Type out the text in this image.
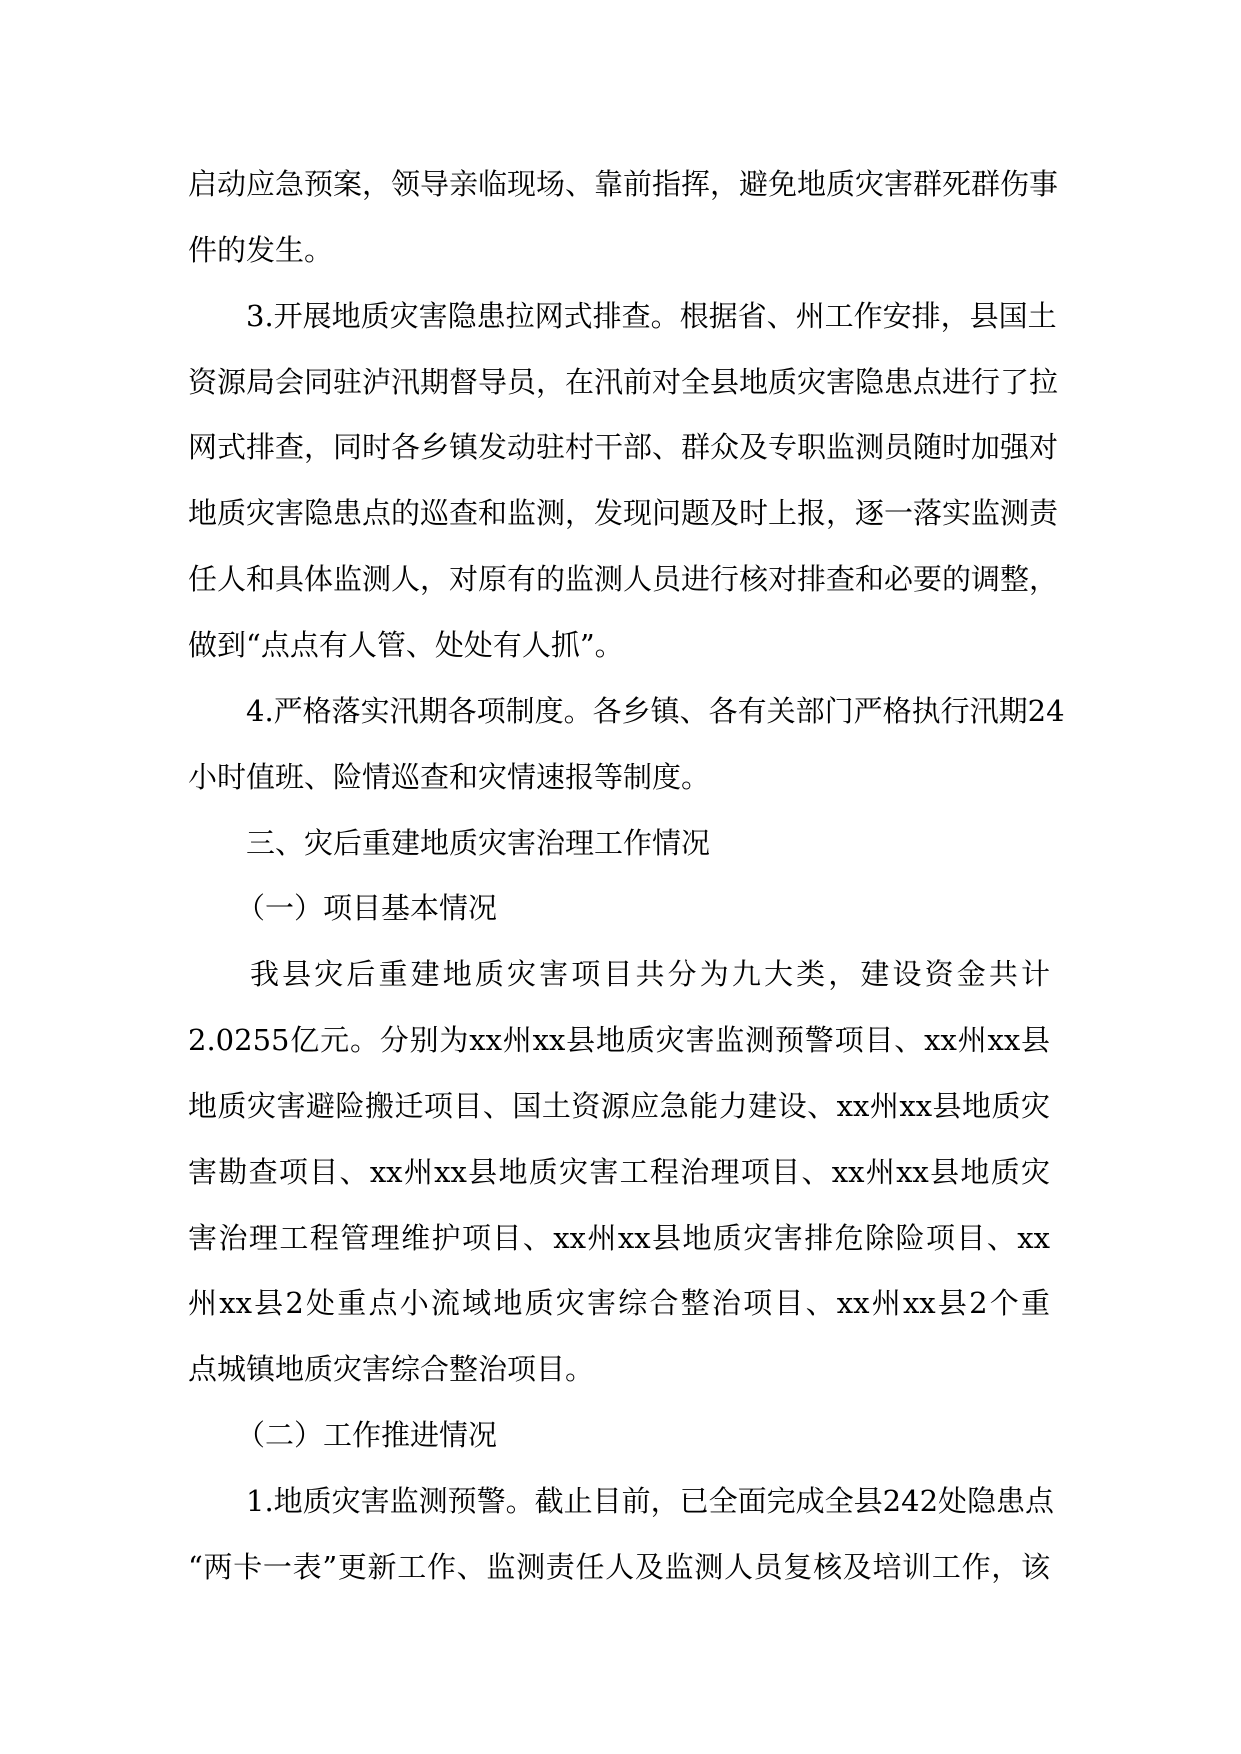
启动应急预案，领导亲临现场、靠前指挥，避免地质灾害群死群伤事
件的发生。
3.开展地质灾害隐患拉网式排查。根据省、州工作安排，县国土
资源局会同驻泸汛期督导员，在汛前对全县地质灾害隐患点进行了拉
网式排查，同时各乡镇发动驻村干部、群众及专职监测员随时加强对
地质灾害隐患点的巡查和监测，发现问题及时上报，逐一落实监测责
任人和具体监测人，对原有的监测人员进行核对排查和必要的调整，
做到“点点有人管、处处有人抓”。
4.严格落实汛期各项制度。各乡镇、各有关部门严格执行汛期24
小时值班、险情巡查和灾情速报等制度。
三、灾后重建地质灾害治理工作情况
（一）项目基本情况
我县灾后重建地质灾害项目共分为九大类，建设资金共计
2.0255亿元。分别为xx州xx县地质灾害监测预警项目、xx州xx县
地质灾害避险搬迁项目、国土资源应急能力建设、xx州xx县地质灾
害勘查项目、xx州xx县地质灾害工程治理项目、xx州xx县地质灾
害治理工程管理维护项目、xx州xx县地质灾害排危除险项目、xx
州xx县2处重点小流域地质灾害综合整治项目、xx州xx县2个重
点城镇地质灾害综合整治项目。
（二）工作推进情况
1.地质灾害监测预警。截止目前，已全面完成全县242处隐患点
“两卡一表”更新工作、监测责任人及监测人员复核及培训工作，该
